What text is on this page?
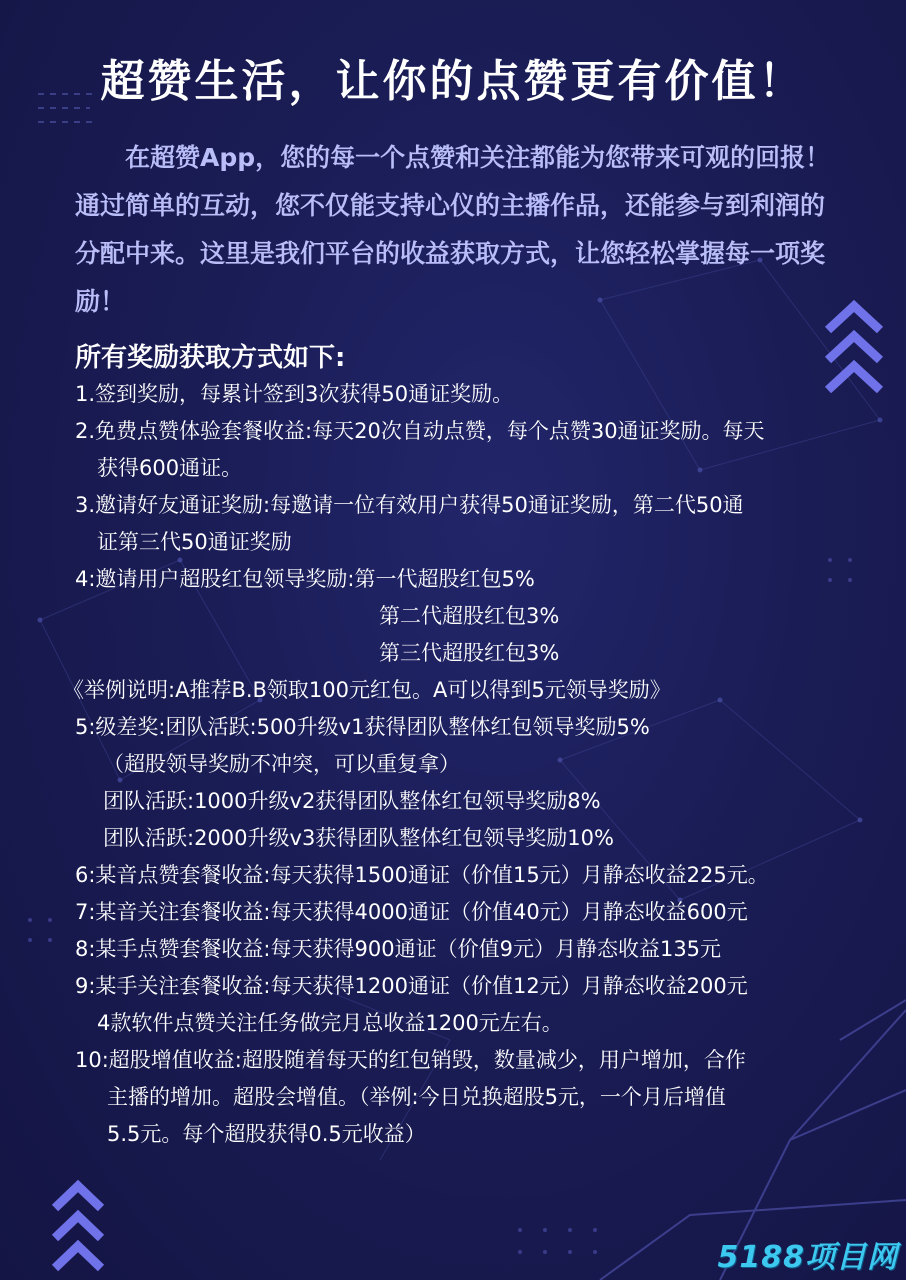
超赞生活，让你的点赞更有价值！

在超赞App，您的每一个点赞和关注都能为您带来可观的回报！通过简单的互动，您不仅能支持心仪的主播作品，还能参与到利润的分配中来。这里是我们平台的收益获取方式，让您轻松掌握每一项奖励！

所有奖励获取方式如下:

1.签到奖励，每累计签到3次获得50通证奖励。

2.免费点赞体验套餐收益:每天20次自动点赞，每个点赞30通证奖励。每天

获得600通证。

3.邀请好友通证奖励:每邀请一位有效用户获得50通证奖励，第二代50通

证第三代50通证奖励

4:邀请用户超股红包领导奖励:第一代超股红包5%

第二代超股红包3%

第三代超股红包3%

《举例说明:A推荐B.B领取100元红包。A可以得到5元领导奖励》

5:级差奖:团队活跃:500升级v1获得团队整体红包领导奖励5%

（超股领导奖励不冲突，可以重复拿）

团队活跃:1000升级v2获得团队整体红包领导奖励8%

团队活跃:2000升级v3获得团队整体红包领导奖励10%

6:某音点赞套餐收益:每天获得1500通证（价值15元）月静态收益225元。

7:某音关注套餐收益:每天获得4000通证（价值40元）月静态收益600元

8:某手点赞套餐收益:每天获得900通证（价值9元）月静态收益135元

9:某手关注套餐收益:每天获得1200通证（价值12元）月静态收益200元

4款软件点赞关注任务做完月总收益1200元左右。

10:超股增值收益:超股随着每天的红包销毁，数量减少，用户增加，合作

主播的增加。超股会增值。（举例:今日兑换超股5元，一个月后增值

5.5元。每个超股获得0.5元收益）

5188项目网
